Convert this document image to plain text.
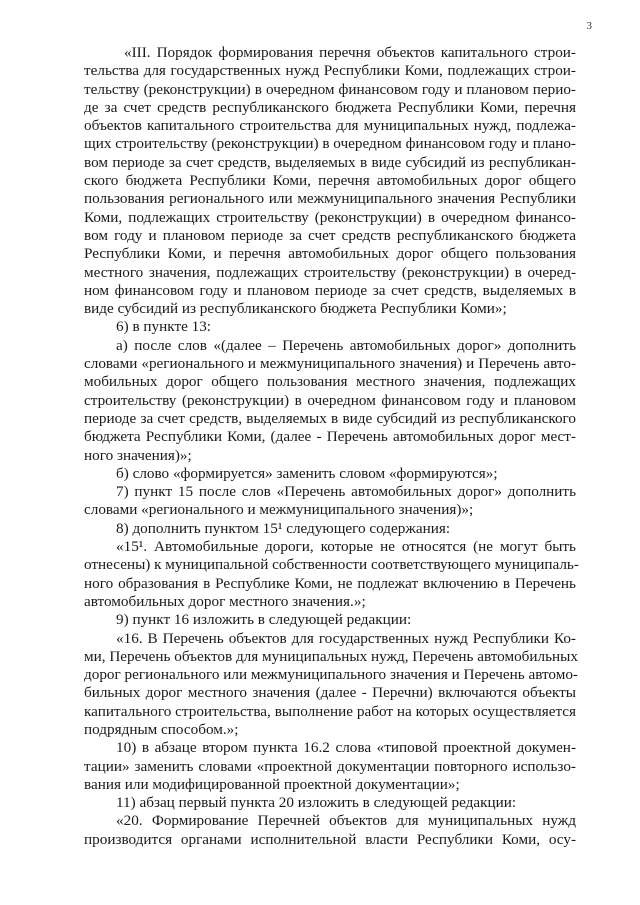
3
«III. Порядок формирования перечня объектов капитального строи-
тельства для государственных нужд Республики Коми, подлежащих строи-
тельству (реконструкции) в очередном финансовом году и плановом перио-
де за счет средств республиканского бюджета Республики Коми, перечня
объектов капитального строительства для муниципальных нужд, подлежа-
щих строительству (реконструкции) в очередном финансовом году и плано-
вом периоде за счет средств, выделяемых в виде субсидий из республикан-
ского бюджета Республики Коми, перечня автомобильных дорог общего
пользования регионального или межмуниципального значения Республики
Коми, подлежащих строительству (реконструкции) в очередном финансо-
вом году и плановом периоде за счет средств республиканского бюджета
Республики Коми, и перечня автомобильных дорог общего пользования
местного значения, подлежащих строительству (реконструкции) в очеред-
ном финансовом году и плановом периоде за счет средств, выделяемых в
виде субсидий из республиканского бюджета Республики Коми»;
6) в пункте 13:
а) после слов «(далее – Перечень автомобильных дорог» дополнить
словами «регионального и межмуниципального значения) и Перечень авто-
мобильных дорог общего пользования местного значения, подлежащих
строительству (реконструкции) в очередном финансовом году и плановом
периоде за счет средств, выделяемых в виде субсидий из республиканского
бюджета Республики Коми, (далее - Перечень автомобильных дорог мест-
ного значения)»;
б) слово «формируется» заменить словом «формируются»;
7) пункт 15 после слов «Перечень автомобильных дорог» дополнить
словами «регионального и межмуниципального значения)»;
8) дополнить пунктом 15¹ следующего содержания:
«15¹. Автомобильные дороги, которые не относятся (не могут быть
отнесены) к муниципальной собственности соответствующего муниципаль-
ного образования в Республике Коми, не подлежат включению в Перечень
автомобильных дорог местного значения.»;
9) пункт 16 изложить в следующей редакции:
«16. В Перечень объектов для государственных нужд Республики Ко-
ми, Перечень объектов для муниципальных нужд, Перечень автомобильных
дорог регионального или межмуниципального значения и Перечень автомо-
бильных дорог местного значения (далее - Перечни) включаются объекты
капитального строительства, выполнение работ на которых осуществляется
подрядным способом.»;
10) в абзаце втором пункта 16.2 слова «типовой проектной докумен-
тации» заменить словами «проектной документации повторного использо-
вания или модифицированной проектной документации»;
11) абзац первый пункта 20 изложить в следующей редакции:
«20. Формирование Перечней объектов для муниципальных нужд
производится органами исполнительной власти Республики Коми, осу-
